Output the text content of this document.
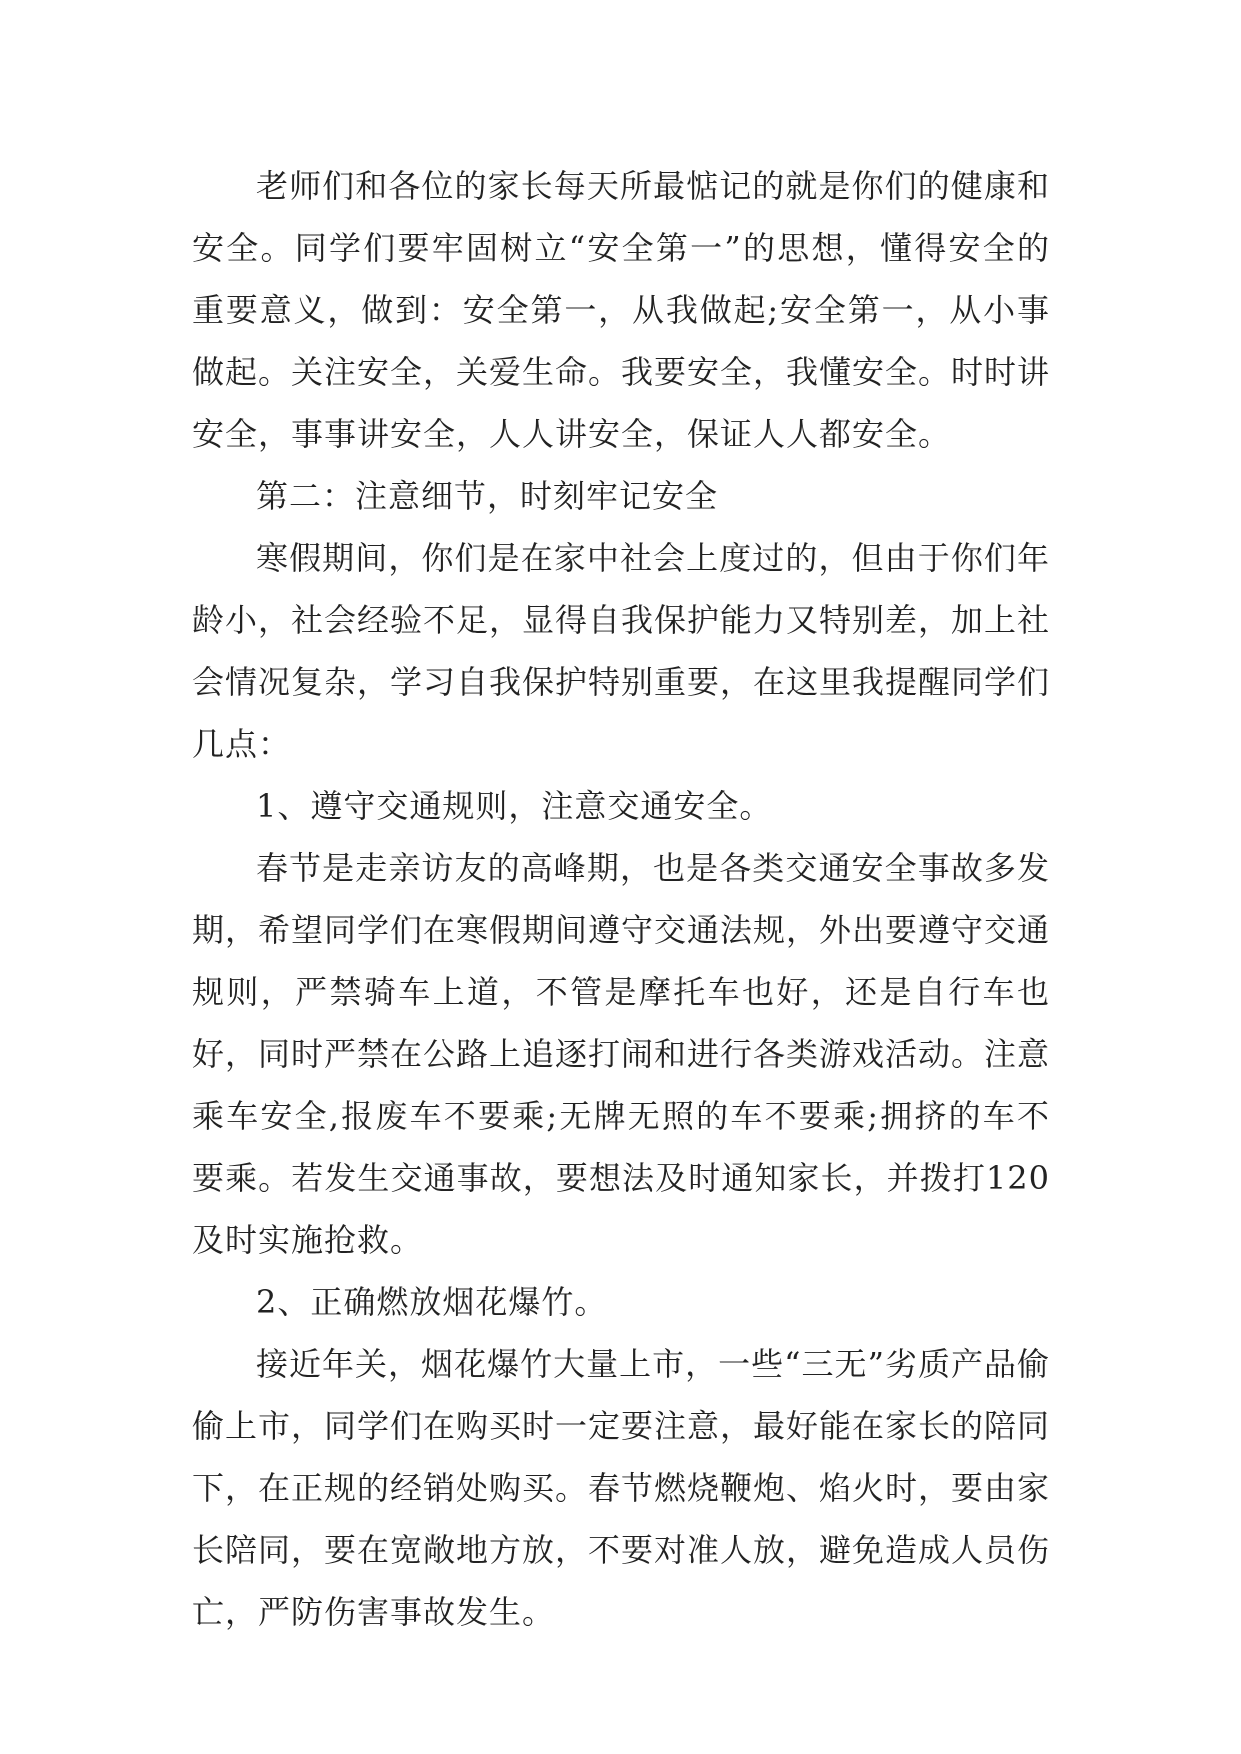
老师们和各位的家长每天所最惦记的就是你们的健康和安全。同学们要牢固树立“安全第一”的思想，懂得安全的重要意义，做到：安全第一，从我做起;安全第一，从小事做起。关注安全，关爱生命。我要安全，我懂安全。时时讲安全，事事讲安全，人人讲安全，保证人人都安全。

第二：注意细节，时刻牢记安全

寒假期间，你们是在家中社会上度过的，但由于你们年龄小，社会经验不足，显得自我保护能力又特别差，加上社会情况复杂，学习自我保护特别重要，在这里我提醒同学们几点：

1、遵守交通规则，注意交通安全。

春节是走亲访友的高峰期，也是各类交通安全事故多发期，希望同学们在寒假期间遵守交通法规，外出要遵守交通规则，严禁骑车上道，不管是摩托车也好，还是自行车也好，同时严禁在公路上追逐打闹和进行各类游戏活动。注意乘车安全,报废车不要乘;无牌无照的车不要乘;拥挤的车不要乘。若发生交通事故，要想法及时通知家长，并拨打120及时实施抢救。

2、正确燃放烟花爆竹。

接近年关，烟花爆竹大量上市，一些“三无”劣质产品偷偷上市，同学们在购买时一定要注意，最好能在家长的陪同下，在正规的经销处购买。春节燃烧鞭炮、焰火时，要由家长陪同，要在宽敞地方放，不要对准人放，避免造成人员伤亡，严防伤害事故发生。
